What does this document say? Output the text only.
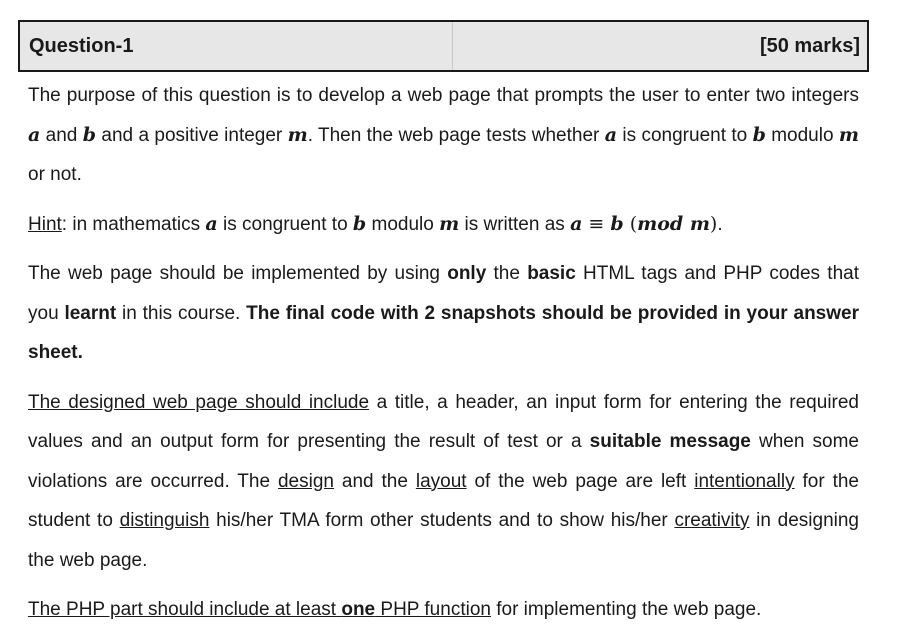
Question-1	[50 marks]

The purpose of this question is to develop a web page that prompts the user to enter two integers a and b and a positive integer m. Then the web page tests whether a is congruent to b modulo m or not.

Hint: in mathematics a is congruent to b modulo m is written as a ≡ b (mod m).

The web page should be implemented by using only the basic HTML tags and PHP codes that you learnt in this course. The final code with 2 snapshots should be provided in your answer sheet.

The designed web page should include a title, a header, an input form for entering the required values and an output form for presenting the result of test or a suitable message when some violations are occurred. The design and the layout of the web page are left intentionally for the student to distinguish his/her TMA form other students and to show his/her creativity in designing the web page.

The PHP part should include at least one PHP function for implementing the web page.
